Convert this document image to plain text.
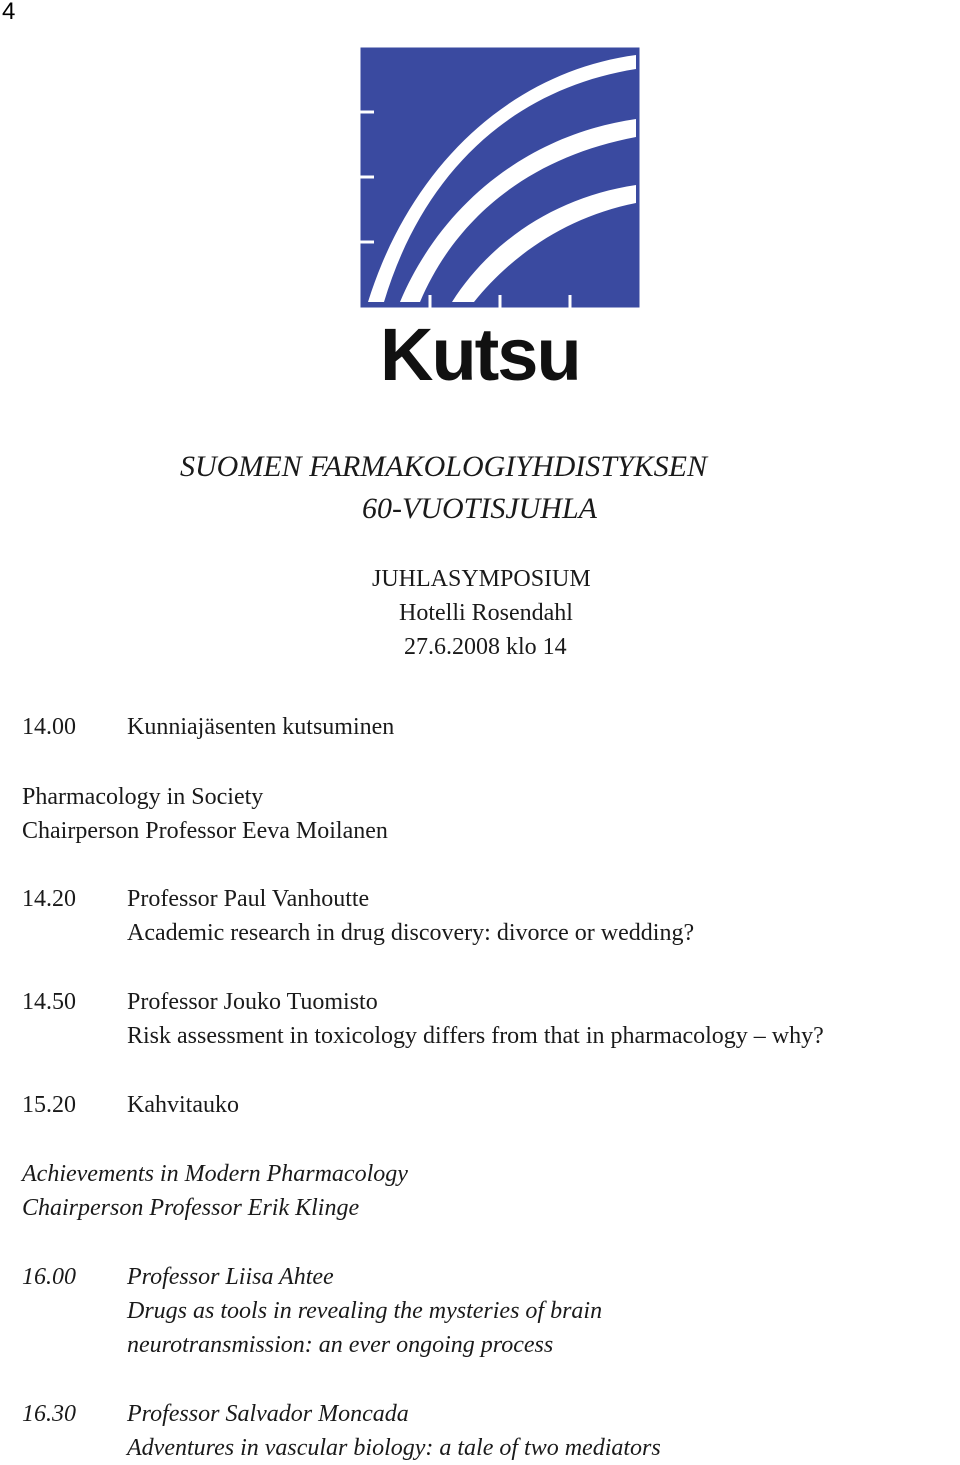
4
Kutsu
SUOMEN FARMAKOLOGIYHDISTYKSEN
60-VUOTISJUHLA
JUHLASYMPOSIUM
Hotelli Rosendahl
27.6.2008 klo 14
14.00 Kunniajäsenten kutsuminen
Pharmacology in Society
Chairperson Professor Eeva Moilanen
14.20 Professor Paul Vanhoutte
Academic research in drug discovery: divorce or wedding?
14.50 Professor Jouko Tuomisto
Risk assessment in toxicology differs from that in pharmacology – why?
15.20 Kahvitauko
Achievements in Modern Pharmacology
Chairperson Professor Erik Klinge
16.00 Professor Liisa Ahtee
Drugs as tools in revealing the mysteries of brain
neurotransmission: an ever ongoing process
16.30 Professor Salvador Moncada
Adventures in vascular biology: a tale of two mediators
